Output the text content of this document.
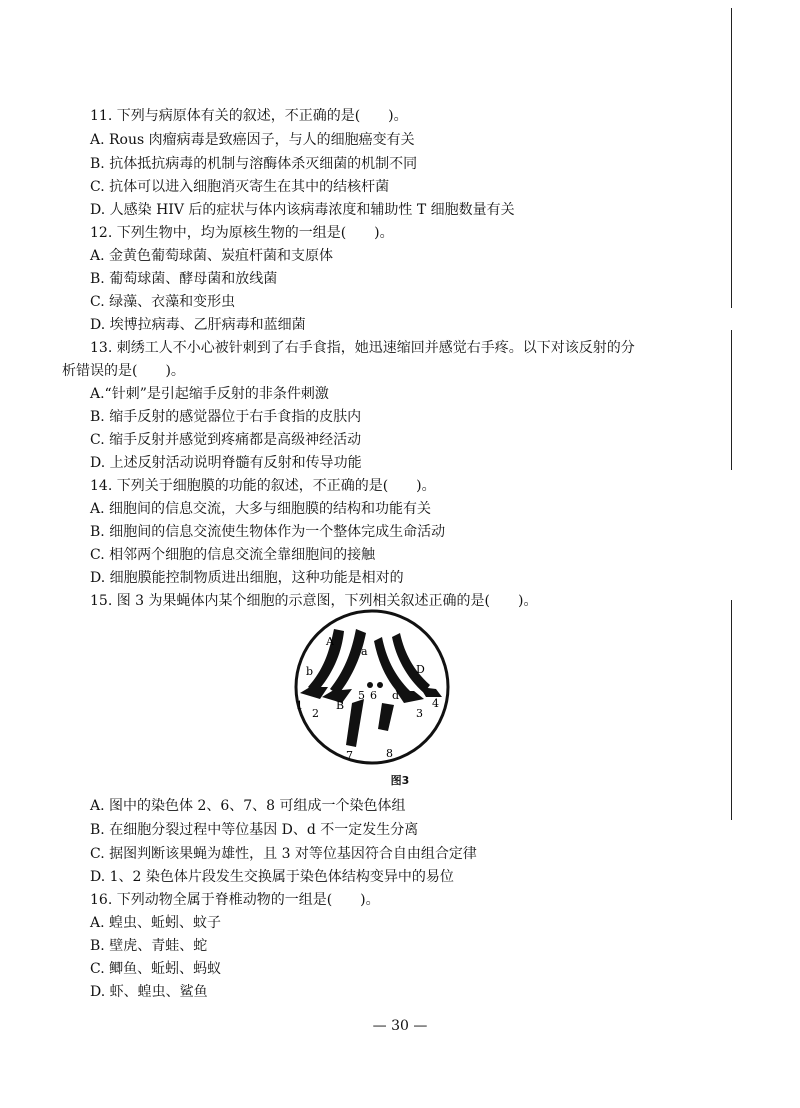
11. 下列与病原体有关的叙述，不正确的是(　　)。
A. Rous 肉瘤病毒是致癌因子，与人的细胞癌变有关
B. 抗体抵抗病毒的机制与溶酶体杀灭细菌的机制不同
C. 抗体可以进入细胞消灭寄生在其中的结核杆菌
D. 人感染 HIV 后的症状与体内该病毒浓度和辅助性 T 细胞数量有关
12. 下列生物中，均为原核生物的一组是(　　)。
A. 金黄色葡萄球菌、炭疽杆菌和支原体
B. 葡萄球菌、酵母菌和放线菌
C. 绿藻、衣藻和变形虫
D. 埃博拉病毒、乙肝病毒和蓝细菌
13. 刺绣工人不小心被针刺到了右手食指，她迅速缩回并感觉右手疼。以下对该反射的分
析错误的是(　　)。
A.“针刺”是引起缩手反射的非条件刺激
B. 缩手反射的感觉器位于右手食指的皮肤内
C. 缩手反射并感觉到疼痛都是高级神经活动
D. 上述反射活动说明脊髓有反射和传导功能
14. 下列关于细胞膜的功能的叙述，不正确的是(　　)。
A. 细胞间的信息交流，大多与细胞膜的结构和功能有关
B. 细胞间的信息交流使生物体作为一个整体完成生命活动
C. 相邻两个细胞的信息交流全靠细胞间的接触
D. 细胞膜能控制物质进出细胞，这种功能是相对的
15. 图 3 为果蝇体内某个细胞的示意图，下列相关叙述正确的是(　　)。
A
a
b
B
D
d
1
2	3
4
5 6
7	8
图3
A. 图中的染色体 2、6、7、8 可组成一个染色体组
B. 在细胞分裂过程中等位基因 D、d 不一定发生分离
C. 据图判断该果蝇为雄性，且 3 对等位基因符合自由组合定律
D. 1、2 染色体片段发生交换属于染色体结构变异中的易位
16. 下列动物全属于脊椎动物的一组是(　　)。
A. 蝗虫、蚯蚓、蚊子
B. 壁虎、青蛙、蛇
C. 鲫鱼、蚯蚓、蚂蚁
D. 虾、蝗虫、鲨鱼
— 30 —
